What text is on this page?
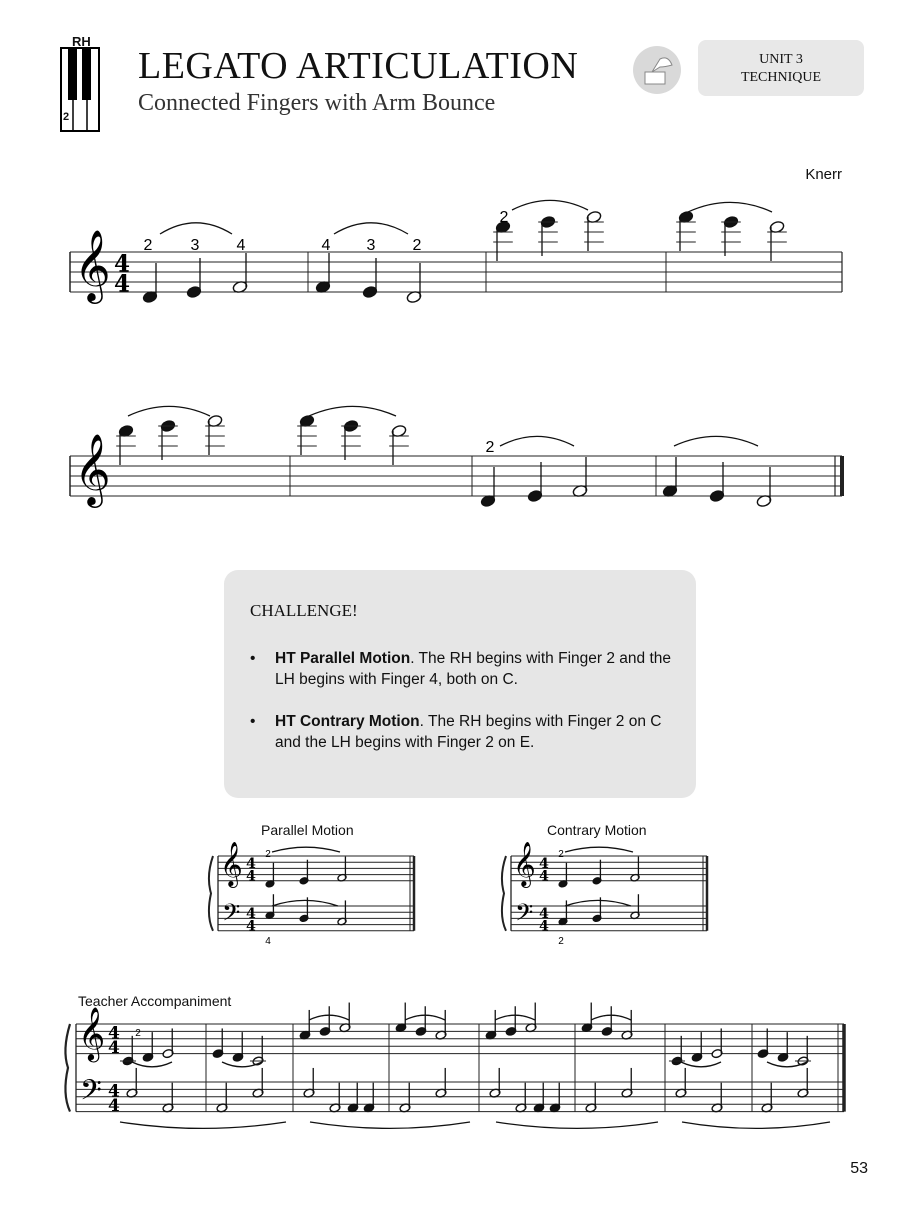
RH
2
LEGATO ARTICULATION
Connected Fingers with Arm Bounce
UNIT 3
TECHNIQUE
Knerr
𝄞 4
4
2 3 4	4 3 2
2
𝄞	2
𝄞
𝄢
4
4
4
4
2
4
𝄞
𝄢
4
4
4
4
2
2
𝄞
𝄢
4
4
4
4
2
CHALLENGE!
• HT Parallel Motion. The RH begins with Finger 2 and the LH begins with Finger 4, both on C.
• HT Contrary Motion. The RH begins with Finger 2 on C and the LH begins with Finger 2 on E.
Parallel Motion	Contrary Motion
Teacher Accompaniment
53
